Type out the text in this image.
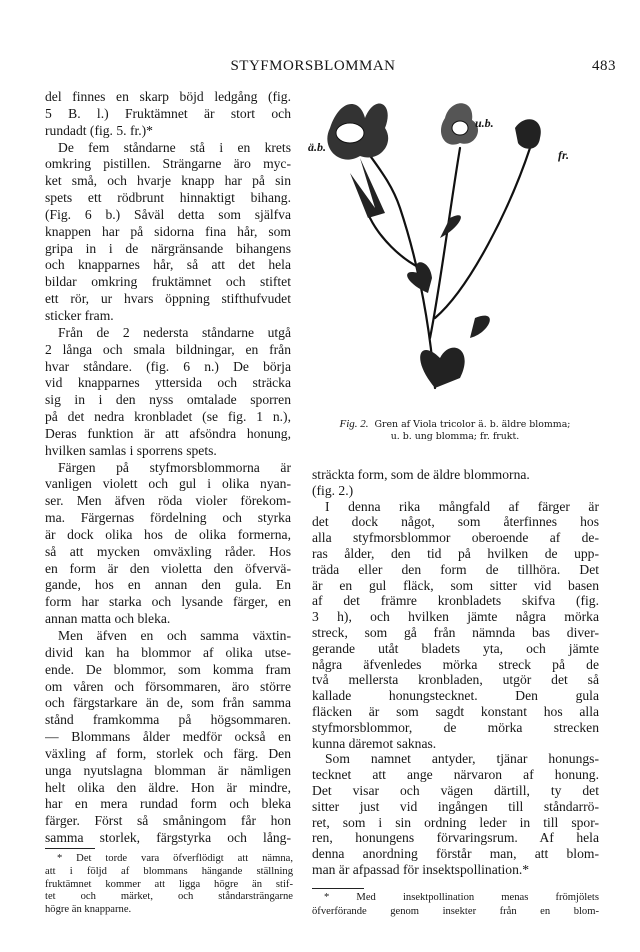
STYFMORSBLOMMAN	483
del finnes en skarp böjd ledgång (fig.
5 B. l.) Fruktämnet är stort och
rundadt (fig. 5. fr.)*
De fem ståndarne stå i en krets
omkring pistillen. Strängarne äro myc-
ket små, och hvarje knapp har på sin
spets ett rödbrunt hinnaktigt bihang.
(Fig. 6 b.) Såväl detta som själfva
knappen har på sidorna fina hår, som
gripa in i de närgränsande bihangens
och knapparnes hår, så att det hela
bildar omkring fruktämnet och stiftet
ett rör, ur hvars öppning stifthufvudet
sticker fram.
Från de 2 nedersta ståndarne utgå
2 långa och smala bildningar, en från
hvar ståndare. (fig. 6 n.) De börja
vid knapparnes yttersida och sträcka
sig in i den nyss omtalade sporren
på det nedra kronbladet (se fig. 1 n.),
Deras funktion är att afsöndra honung,
hvilken samlas i sporrens spets.
Färgen på styfmorsblommorna är
vanligen violett och gul i olika nyan-
ser. Men äfven röda violer förekom-
ma. Färgernas fördelning och styrka
är dock olika hos de olika formerna,
så att mycken omväxling råder. Hos
en form är den violetta den öfvervä-
gande, hos en annan den gula. En
form har starka och lysande färger, en
annan matta och bleka.
Men äfven en och samma växtin-
divid kan ha blommor af olika utse-
ende. De blommor, som komma fram
om våren och försommaren, äro större
och färgstarkare än de, som från samma
stånd framkomma på högsommaren.
— Blommans ålder medför också en
växling af form, storlek och färg. Den
unga nyutslagna blomman är nämligen
helt olika den äldre. Hon är mindre,
har en mera rundad form och bleka
färger. Först så småningom får hon
samma storlek, färgstyrka och lång-
ä.b.
u.b.
fr.
Fig. 2. Gren af Viola tricolor ä. b. äldre blomma;
u. b. ung blomma; fr. frukt.
sträckta form, som de äldre blommorna.
(fig. 2.)
I denna rika mångfald af färger är
det dock något, som återfinnes hos
alla styfmorsblommor oberoende af de-
ras ålder, den tid på hvilken de upp-
träda eller den form de tillhöra. Det
är en gul fläck, som sitter vid basen
af det främre kronbladets skifva (fig.
3 h), och hvilken jämte några mörka
streck, som gå från nämnda bas diver-
gerande utåt bladets yta, och jämte
några äfvenledes mörka streck på de
två mellersta kronbladen, utgör det så
kallade honungstecknet. Den gula
fläcken är som sagdt konstant hos alla
styfmorsblommor, de mörka strecken
kunna däremot saknas.
Som namnet antyder, tjänar honungs-
tecknet att ange närvaron af honung.
Det visar och vägen därtill, ty det
sitter just vid ingången till ståndarrö-
ret, som i sin ordning leder in till spor-
ren, honungens förvaringsrum. Af hela
denna anordning förstår man, att blom-
man är afpassad för insektspollination.*
* Det torde vara öfverflödigt att nämna,
att i följd af blommans hängande ställning
fruktämnet kommer att ligga högre än stif-
tet och märket, och ståndarsträngarne
högre än knapparne.
* Med insektpollination menas frömjölets
öfverförande genom insekter från en blom-
